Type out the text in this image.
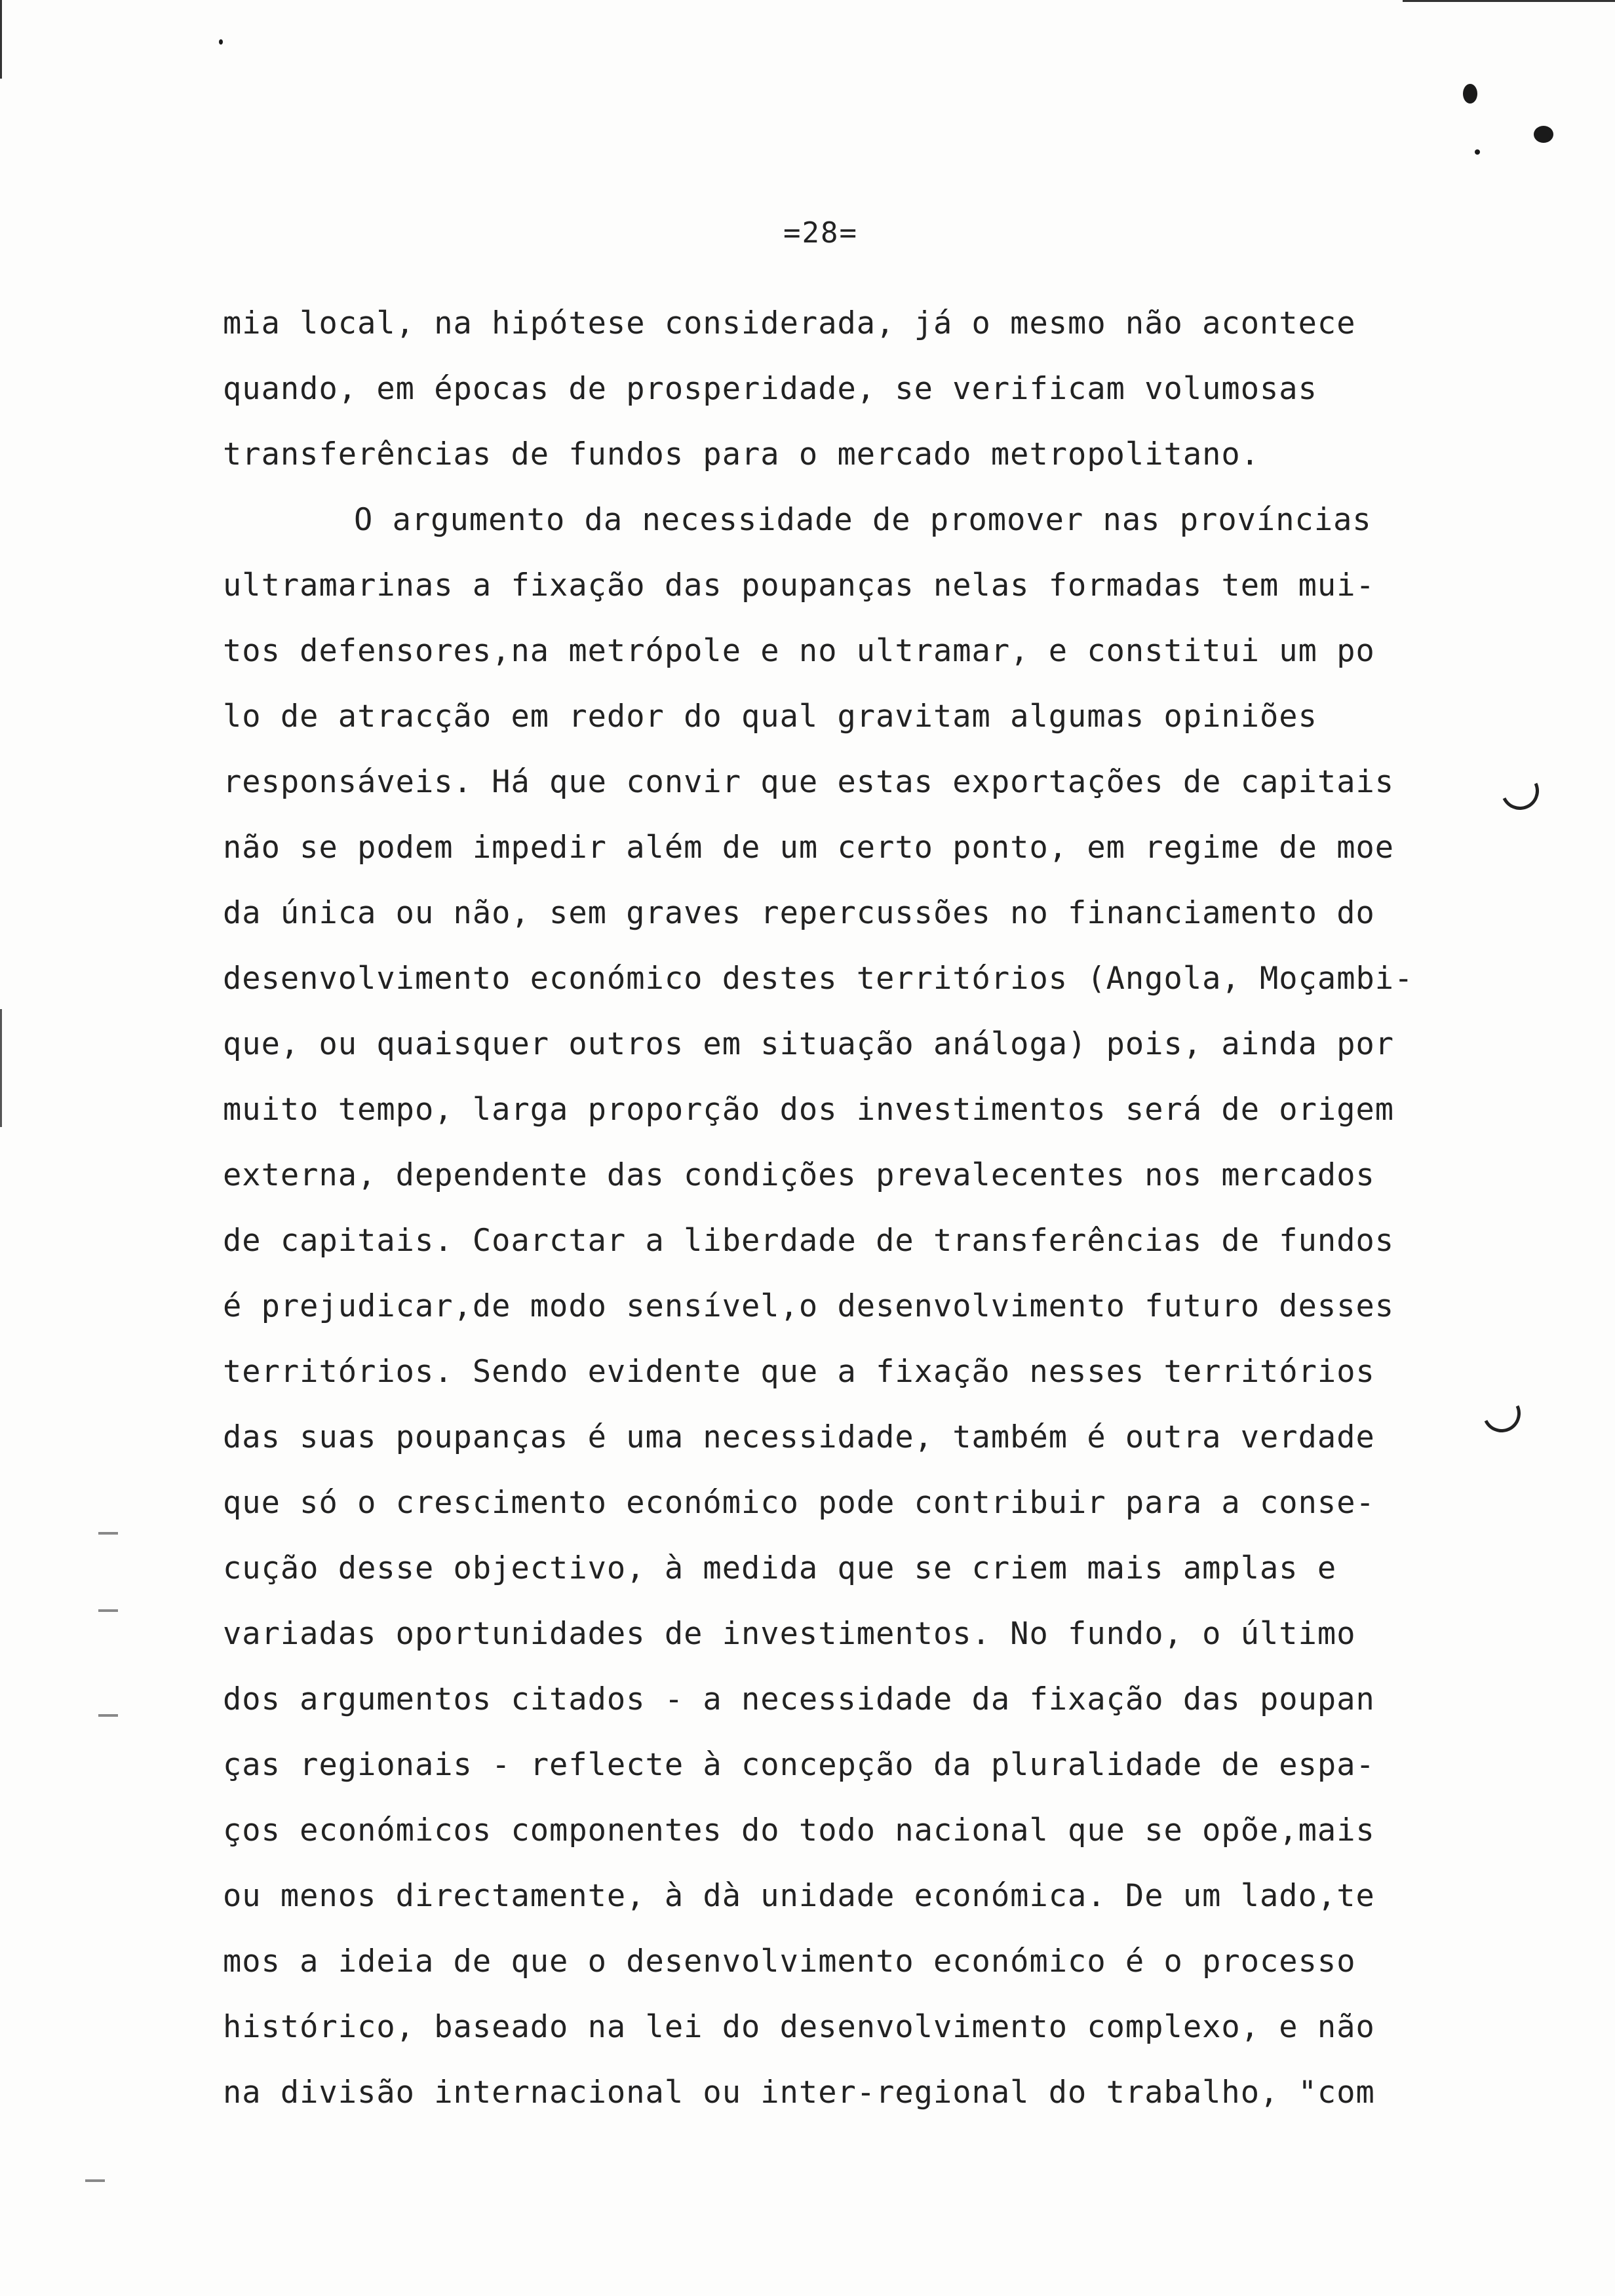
=28=
mia local, na hipótese considerada, já o mesmo não acontece
quando, em épocas de prosperidade, se verificam volumosas
transferências de fundos para o mercado metropolitano.
O argumento da necessidade de promover nas províncias
ultramarinas a fixação das poupanças nelas formadas tem mui-
tos defensores,na metrópole e no ultramar, e constitui um po
lo de atracção em redor do qual gravitam algumas opiniões
responsáveis. Há que convir que estas exportações de capitais
não se podem impedir além de um certo ponto, em regime de moe
da única ou não, sem graves repercussões no financiamento do
desenvolvimento económico destes territórios (Angola, Moçambi-
que, ou quaisquer outros em situação análoga) pois, ainda por
muito tempo, larga proporção dos investimentos será de origem
externa, dependente das condições prevalecentes nos mercados
de capitais. Coarctar a liberdade de transferências de fundos
é prejudicar,de modo sensível,o desenvolvimento futuro desses
territórios. Sendo evidente que a fixação nesses territórios
das suas poupanças é uma necessidade, também é outra verdade
que só o crescimento económico pode contribuir para a conse-
cução desse objectivo, à medida que se criem mais amplas e
variadas oportunidades de investimentos. No fundo, o último
dos argumentos citados - a necessidade da fixação das poupan
ças regionais - reflecte à concepção da pluralidade de espa-
ços económicos componentes do todo nacional que se opõe,mais
ou menos directamente, à dà unidade económica. De um lado,te
mos a ideia de que o desenvolvimento económico é o processo
histórico, baseado na lei do desenvolvimento complexo, e não
na divisão internacional ou inter-regional do trabalho, "com
